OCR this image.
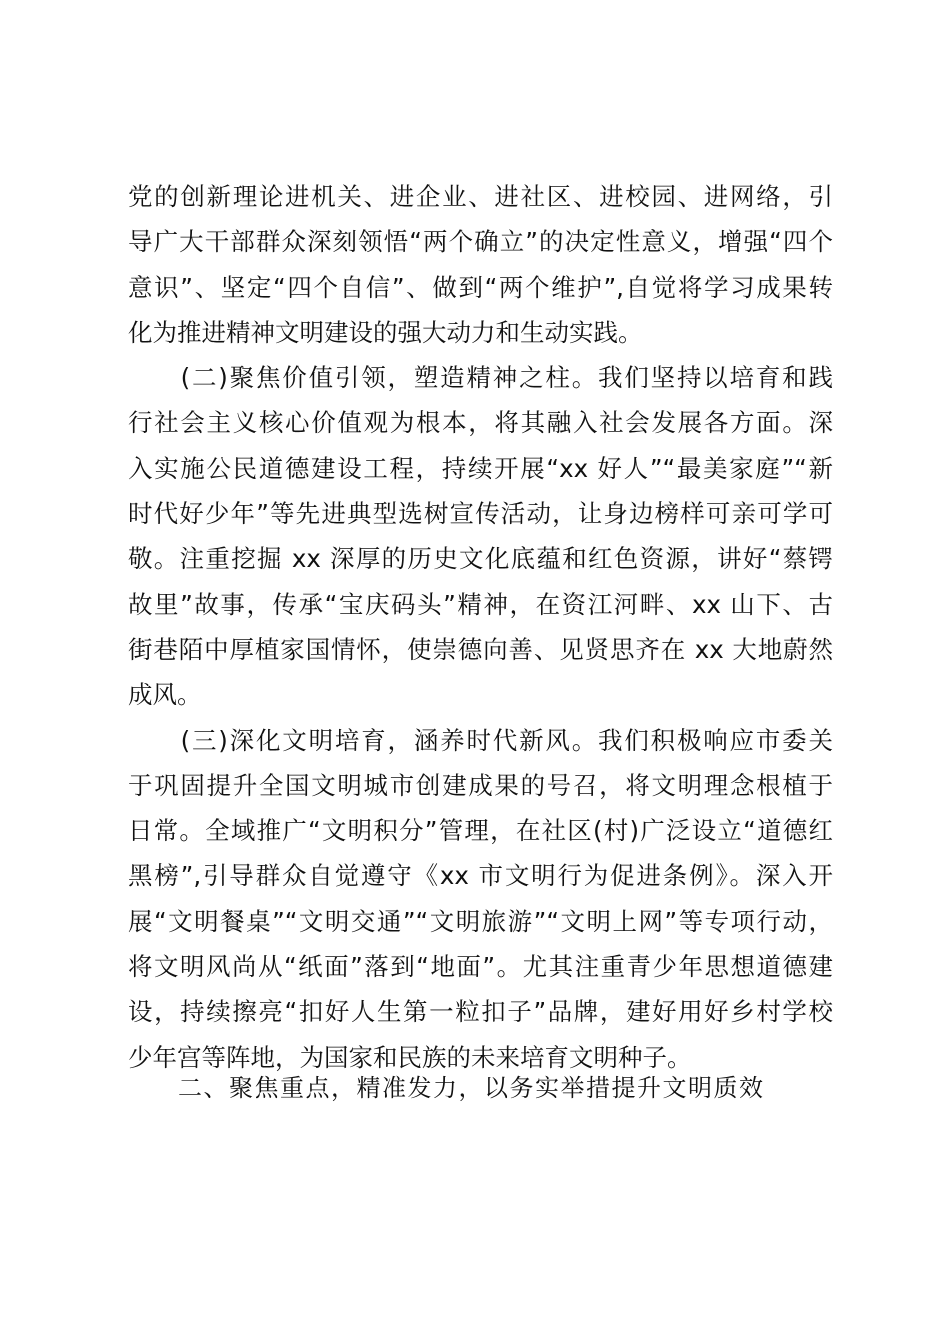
党的创新理论进机关、进企业、进社区、进校园、进网络，引
导广大干部群众深刻领悟“两个确立”的决定性意义，增强“四个
意识”、坚定“四个自信”、做到“两个维护”,自觉将学习成果转
化为推进精神文明建设的强大动力和生动实践。
　　(二)聚焦价值引领，塑造精神之柱。我们坚持以培育和践
行社会主义核心价值观为根本，将其融入社会发展各方面。深
入实施公民道德建设工程，持续开展“xx 好人”“最美家庭”“新
时代好少年”等先进典型选树宣传活动，让身边榜样可亲可学可
敬。注重挖掘 xx 深厚的历史文化底蕴和红色资源，讲好“蔡锷
故里”故事，传承“宝庆码头”精神，在资江河畔、xx 山下、古
街巷陌中厚植家国情怀，使崇德向善、见贤思齐在 xx 大地蔚然
成风。
　　(三)深化文明培育，涵养时代新风。我们积极响应市委关
于巩固提升全国文明城市创建成果的号召，将文明理念根植于
日常。全域推广“文明积分”管理，在社区(村)广泛设立“道德红
黑榜”,引导群众自觉遵守《xx 市文明行为促进条例》。深入开
展“文明餐桌”“文明交通”“文明旅游”“文明上网”等专项行动，
将文明风尚从“纸面”落到“地面”。尤其注重青少年思想道德建
设，持续擦亮“扣好人生第一粒扣子”品牌，建好用好乡村学校
少年宫等阵地，为国家和民族的未来培育文明种子。
二、聚焦重点，精准发力，以务实举措提升文明质效
